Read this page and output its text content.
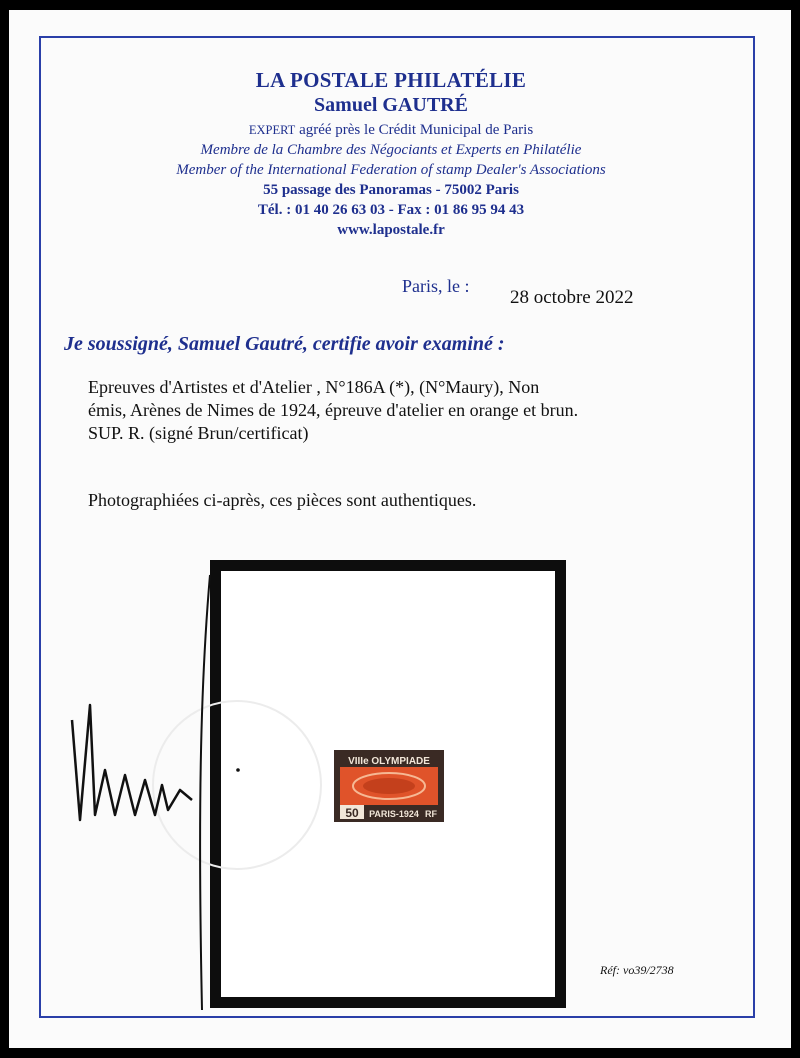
LA POSTALE PHILATÉLIE
Samuel GAUTRÉ
EXPERT agréé près le Crédit Municipal de Paris
Membre de la Chambre des Négociants et Experts en Philatélie
Member of the International Federation of stamp Dealer's Associations
55 passage des Panoramas - 75002 Paris
Tél. : 01 40 26 63 03 - Fax : 01 86 95 94 43
www.lapostale.fr
Paris, le :
28 octobre 2022
Je soussigné, Samuel Gautré, certifie avoir examiné :
Epreuves d'Artistes et d'Atelier , N°186A (*), (N°Maury), Non
émis, Arènes de Nimes de 1924, épreuve d'atelier en orange et brun.
SUP. R. (signé Brun/certificat)
Photographiées ci-après, ces pièces sont authentiques.
VIIIe OLYMPIADE
50 PARIS-1924 RF
Réf: vo39/2738
